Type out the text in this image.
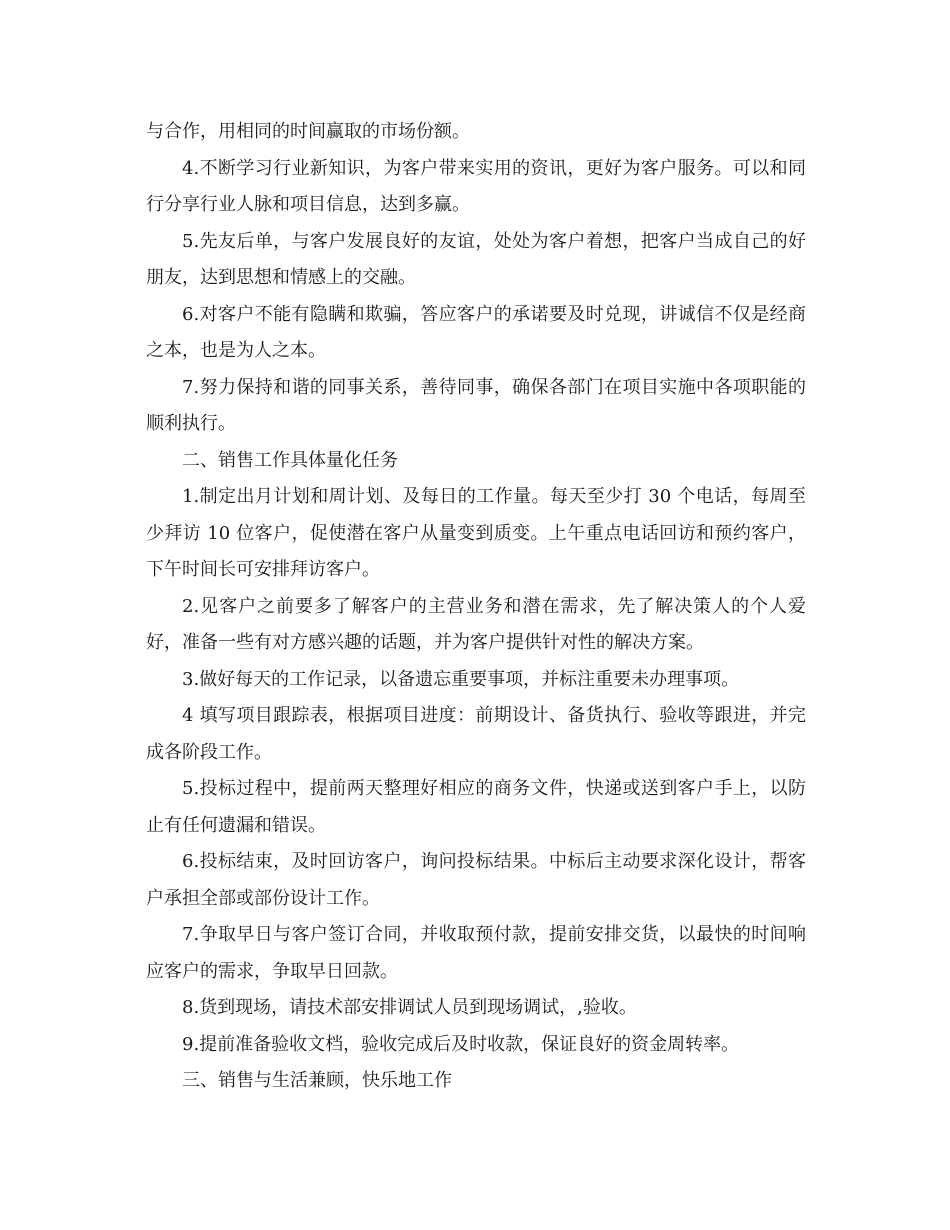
与合作，用相同的时间赢取的市场份额。

4.不断学习行业新知识，为客户带来实用的资讯，更好为客户服务。可以和同行分享行业人脉和项目信息，达到多赢。

5.先友后单，与客户发展良好的友谊，处处为客户着想，把客户当成自己的好朋友，达到思想和情感上的交融。

6.对客户不能有隐瞒和欺骗，答应客户的承诺要及时兑现，讲诚信不仅是经商之本，也是为人之本。

7.努力保持和谐的同事关系，善待同事，确保各部门在项目实施中各项职能的顺利执行。

二、销售工作具体量化任务

1.制定出月计划和周计划、及每日的工作量。每天至少打 30 个电话，每周至少拜访 10 位客户，促使潜在客户从量变到质变。上午重点电话回访和预约客户，下午时间长可安排拜访客户。

2.见客户之前要多了解客户的主营业务和潜在需求，先了解决策人的个人爱好，准备一些有对方感兴趣的话题，并为客户提供针对性的解决方案。

3.做好每天的工作记录，以备遗忘重要事项，并标注重要未办理事项。

4 填写项目跟踪表，根据项目进度：前期设计、备货执行、验收等跟进，并完成各阶段工作。

5.投标过程中，提前两天整理好相应的商务文件，快递或送到客户手上，以防止有任何遗漏和错误。

6.投标结束，及时回访客户，询问投标结果。中标后主动要求深化设计，帮客户承担全部或部份设计工作。

7.争取早日与客户签订合同，并收取预付款，提前安排交货，以最快的时间响应客户的需求，争取早日回款。

8.货到现场，请技术部安排调试人员到现场调试，,验收。

9.提前准备验收文档，验收完成后及时收款，保证良好的资金周转率。

三、销售与生活兼顾，快乐地工作
